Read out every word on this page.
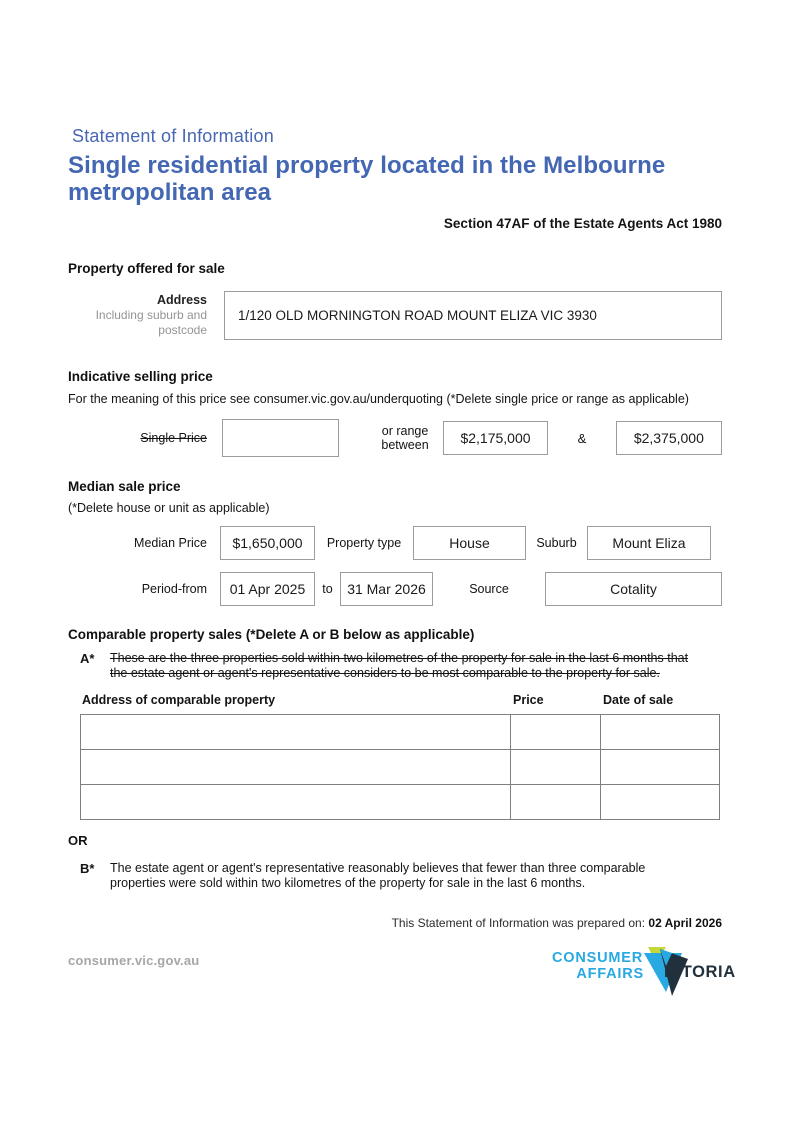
Statement of Information
Single residential property located in the Melbourne metropolitan area
Section 47AF of the Estate Agents Act 1980
Property offered for sale
Address
Including suburb and postcode
1/120 OLD MORNINGTON ROAD MOUNT ELIZA VIC 3930
Indicative selling price
For the meaning of this price see consumer.vic.gov.au/underquoting (*Delete single price or range as applicable)
Single Price	or range between	$2,175,000	&	$2,375,000
Median sale price
(*Delete house or unit as applicable)
Median Price	$1,650,000	Property type	House	Suburb	Mount Eliza
Period-from	01 Apr 2025	to	31 Mar 2026	Source	Cotality
Comparable property sales (*Delete A or B below as applicable)
A*	These are the three properties sold within two kilometres of the property for sale in the last 6 months that the estate agent or agent's representative considers to be most comparable to the property for sale.
Address of comparable property	Price	Date of sale

OR
B*	The estate agent or agent's representative reasonably believes that fewer than three comparable properties were sold within two kilometres of the property for sale in the last 6 months.
This Statement of Information was prepared on: 02 April 2026
consumer.vic.gov.au	CONSUMER
AFFAIRS ICTORIA
